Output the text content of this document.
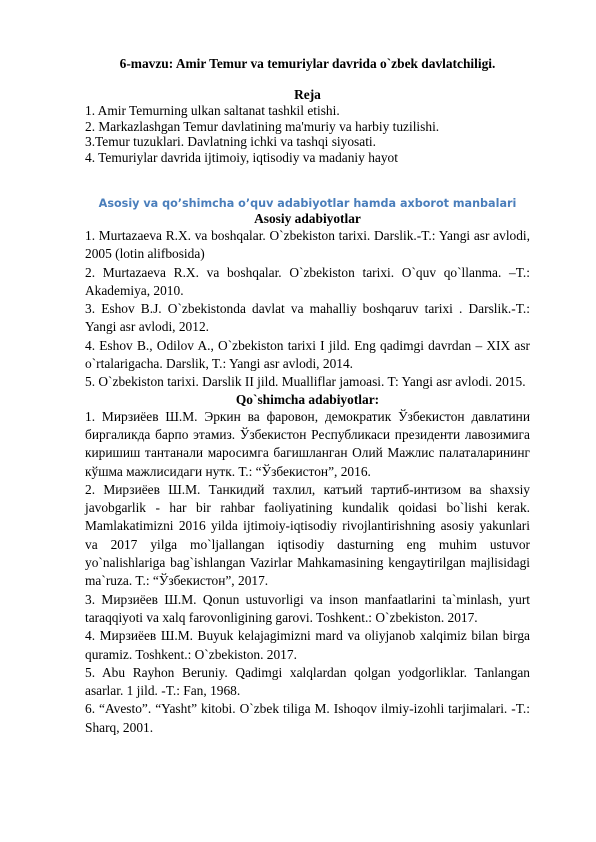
6-mavzu: Amir Temur va temuriylar davrida o`zbek davlatchiligi.

Reja

1. Amir Temurning ulkan saltanat tashkil etishi.

2. Markazlashgan Temur davlatining ma'muriy va harbiy tuzilishi.

3.Temur tuzuklari. Davlatning ichki va tashqi siyosati.

4. Temuriylar davrida ijtimoiy, iqtisodiy va madaniy hayot

Asosiy va qo’shimcha o’quv adabiyotlar hamda axborot manbalari

Asosiy adabiyotlar

1. Murtazaeva R.X. va boshqalar. O`zbekiston tarixi. Darslik.-T.: Yangi asr avlodi, 2005 (lotin alifbosida)

2. Murtazaeva R.X. va boshqalar. O`zbekiston tarixi. O`quv qo`llanma. –T.: Akademiya, 2010.

3. Eshov B.J. O`zbekistonda davlat va mahalliy boshqaruv tarixi . Darslik.-T.: Yangi asr avlodi, 2012.

4. Eshov B., Odilov A., O`zbekiston tarixi I jild. Eng qadimgi davrdan – XIX asr o`rtalarigacha. Darslik, T.: Yangi asr avlodi, 2014.

5. O`zbekiston tarixi. Darslik II jild. Mualliflar jamoasi. T: Yangi asr avlodi. 2015.

Qo`shimcha adabiyotlar:

1. Мирзиёев Ш.М. Эркин ва фаровон, демократик Ўзбекистон давлатини биргаликда барпо этамиз. Ўзбекистон Республикаси президенти лавозимига киришиш тантанали маросимга багишланган Олий Мажлис палаталарининг кўшма мажлисидаги нутк. Т.: “Ўзбекистон”, 2016.

2. Мирзиёев Ш.М. Танкидий тахлил, катъий тартиб-интизом ва shaxsiy javobgarlik - har bir rahbar faoliyatining kundalik qoidasi bo`lishi kerak. Mamlakatimizni 2016 yilda ijtimoiy-iqtisodiy rivojlantirishning asosiy yakunlari va 2017 yilga mo`ljallangan iqtisodiy dasturning eng muhim ustuvor yo`nalishlariga bag`ishlangan Vazirlar Mahkamasining kengaytirilgan majlisidagi ma`ruza. T.: “Ўзбекистон”, 2017.

3. Мирзиёев Ш.М. Qonun ustuvorligi va inson manfaatlarini ta`minlash, yurt taraqqiyoti va xalq farovonligining garovi. Toshkent.: O`zbekiston. 2017.

4. Мирзиёев Ш.М. Buyuk kelajagimizni mard va oliyjanob xalqimiz bilan birga quramiz. Toshkent.: O`zbekiston. 2017.

5. Abu Rayhon Beruniy. Qadimgi xalqlardan qolgan yodgorliklar. Tanlangan asarlar. 1 jild. -T.: Fan, 1968.

6. “Avesto”. “Yasht” kitobi. O`zbek tiliga M. Ishoqov ilmiy-izohli tarjimalari. -T.: Sharq, 2001.
